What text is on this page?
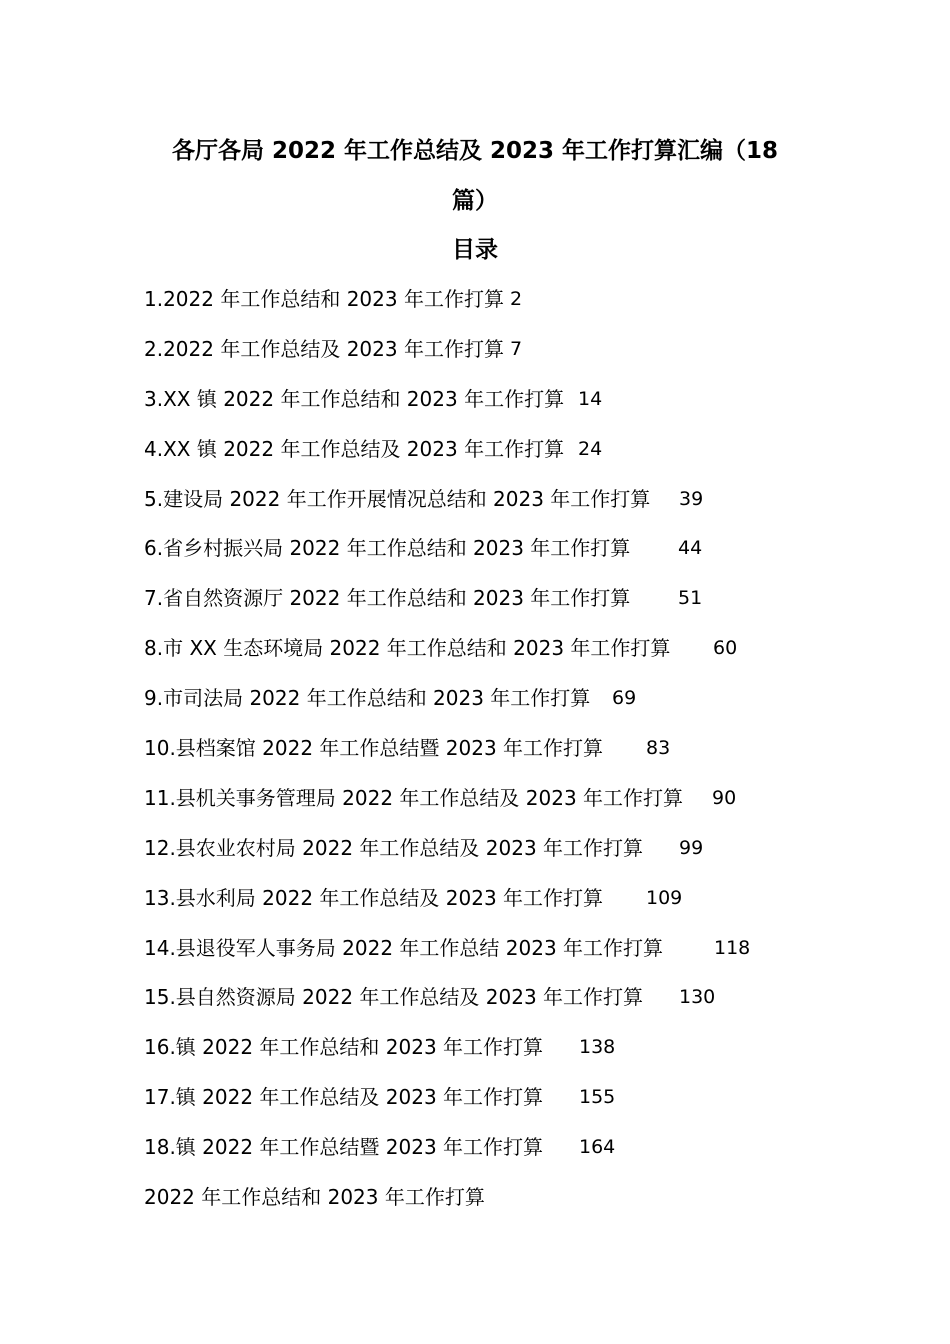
各厅各局 2022 年工作总结及 2023 年工作打算汇编（18
篇）
目录
1.2022 年工作总结和 2023 年工作打算 2
2.2022 年工作总结及 2023 年工作打算 7
3.XX 镇 2022 年工作总结和 2023 年工作打算 14
4.XX 镇 2022 年工作总结及 2023 年工作打算 24
5.建设局 2022 年工作开展情况总结和 2023 年工作打算 39
6.省乡村振兴局 2022 年工作总结和 2023 年工作打算	44
7.省自然资源厅 2022 年工作总结和 2023 年工作打算	51
8.市 XX 生态环境局 2022 年工作总结和 2023 年工作打算 60
9.市司法局 2022 年工作总结和 2023 年工作打算 69
10.县档案馆 2022 年工作总结暨 2023 年工作打算 83
11.县机关事务管理局 2022 年工作总结及 2023 年工作打算 90
12.县农业农村局 2022 年工作总结及 2023 年工作打算 99
13.县水利局 2022 年工作总结及 2023 年工作打算 109
14.县退役军人事务局 2022 年工作总结 2023 年工作打算	118
15.县自然资源局 2022 年工作总结及 2023 年工作打算 130
16.镇 2022 年工作总结和 2023 年工作打算 138
17.镇 2022 年工作总结及 2023 年工作打算 155
18.镇 2022 年工作总结暨 2023 年工作打算 164
2022 年工作总结和 2023 年工作打算
